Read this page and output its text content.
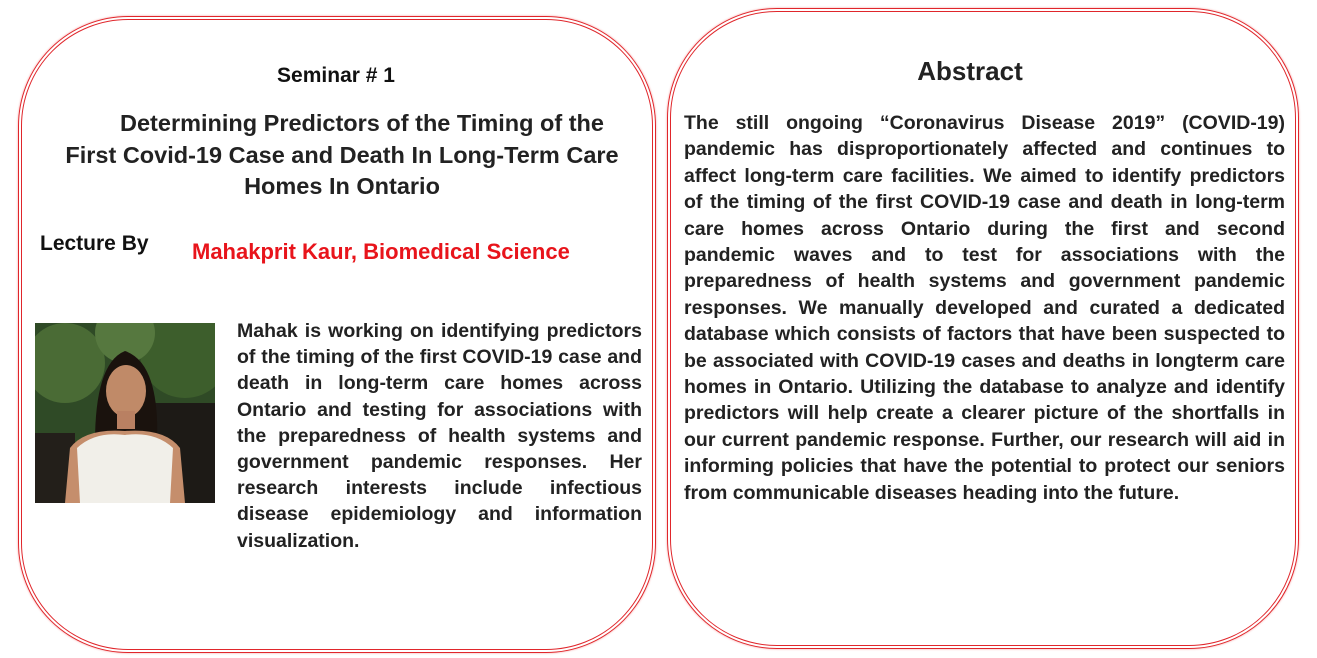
Seminar # 1
Determining Predictors of the Timing of the First Covid-19 Case and Death In Long-Term Care Homes In Ontario
Lecture By Mahakprit Kaur, Biomedical Science
Mahak is working on identifying predictors of the timing of the first COVID-19 case and death in long-term care homes across Ontario and testing for associations with the preparedness of health systems and government pandemic responses. Her research interests include infectious disease epidemiology and information visualization.
Abstract
The still ongoing “Coronavirus Disease 2019” (COVID-19) pandemic has disproportionately affected and continues to affect long-term care facilities. We aimed to identify predictors of the timing of the first COVID-19 case and death in long-term care homes across Ontario during the first and second pandemic waves and to test for associations with the preparedness of health systems and government pandemic responses. We manually developed and curated a dedicated database which consists of factors that have been suspected to be associated with COVID-19 cases and deaths in longterm care homes in Ontario. Utilizing the database to analyze and identify predictors will help create a clearer picture of the shortfalls in our current pandemic response. Further, our research will aid in informing policies that have the potential to protect our seniors from communicable diseases heading into the future.
